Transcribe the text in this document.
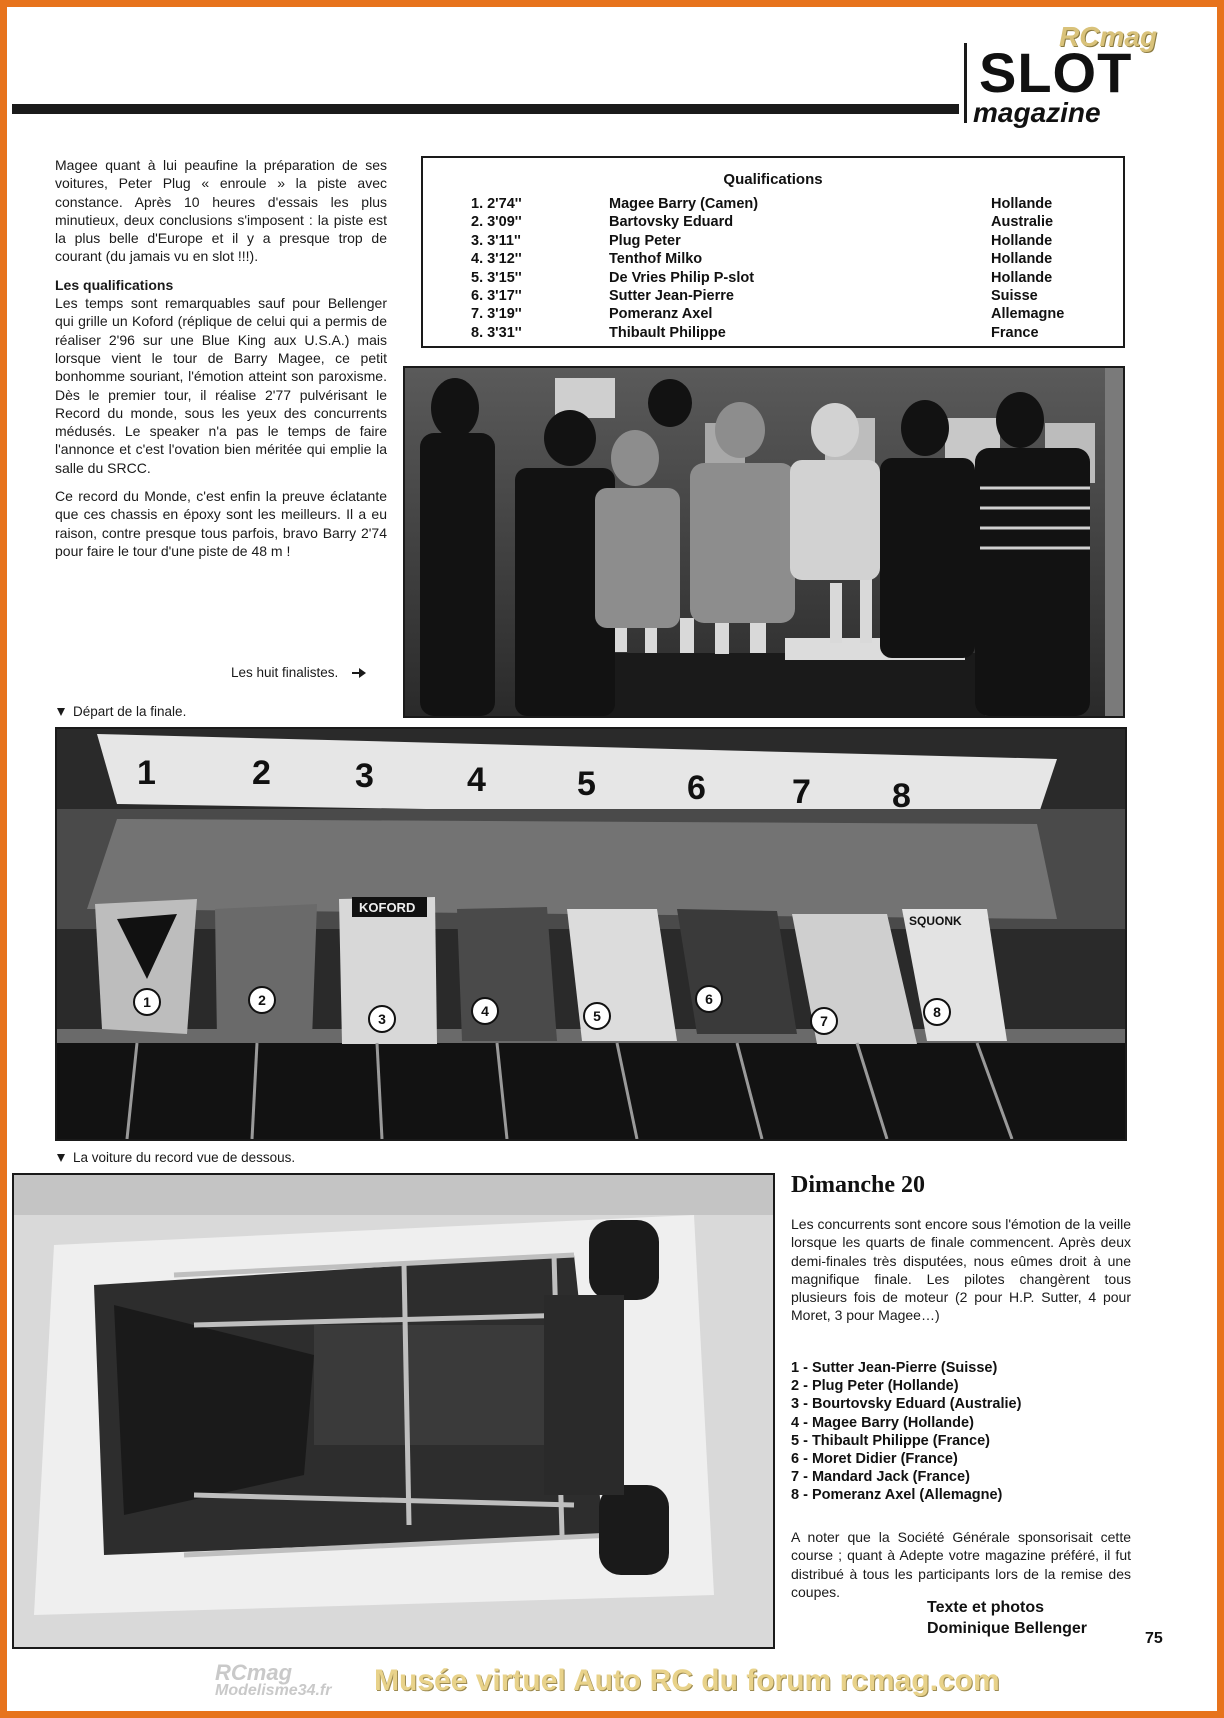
SLOT
magazine
RCmag

Magee quant à lui peaufine la préparation de ses voitures, Peter Plug « enroule » la piste avec constance. Après 10 heures d'essais les plus minutieux, deux conclusions s'imposent : la piste est la plus belle d'Europe et il y a presque trop de courant (du jamais vu en slot !!!).

Les qualifications
Les temps sont remarquables sauf pour Bellenger qui grille un Koford (réplique de celui qui a permis de réaliser 2'96 sur une Blue King aux U.S.A.) mais lorsque vient le tour de Barry Magee, ce petit bonhomme souriant, l'émotion atteint son paroxisme. Dès le premier tour, il réalise 2'77 pulvérisant le Record du monde, sous les yeux des concurrents médusés. Le speaker n'a pas le temps de faire l'annonce et c'est l'ovation bien méritée qui emplie la salle du SRCC.

Ce record du Monde, c'est enfin la preuve éclatante que ces chassis en époxy sont les meilleurs. Il a eu raison, contre presque tous parfois, bravo Barry 2'74 pour faire le tour d'une piste de 48 m !

Les huit finalistes.
Départ de la finale.
Qualifications
1. 2'74''	Magee Barry (Camen)	Hollande
2. 3'09''	Bartovsky Eduard	Australie
3. 3'11''	Plug Peter	Hollande
4. 3'12''	Tenthof Milko	Hollande
5. 3'15''	De Vries Philip P-slot	Hollande
6. 3'17''	Sutter Jean-Pierre	Suisse
7. 3'19''	Pomeranz Axel	Allemagne
8. 3'31''	Thibault Philippe	France
1	2 3	4	5	6	7 8
KOFORD
SQUONK
1	2
3	4	5
6
7
8
La voiture du record vue de dessous.
Dimanche 20
Les concurrents sont encore sous l'émotion de la veille lorsque les quarts de finale commencent. Après deux demi-finales très disputées, nous eûmes droit à une magnifique finale. Les pilotes changèrent tous plusieurs fois de moteur (2 pour H.P. Sutter, 4 pour Moret, 3 pour Magee…)
1 - Sutter Jean-Pierre (Suisse)
2 - Plug Peter (Hollande)
3 - Bourtovsky Eduard (Australie)
4 - Magee Barry (Hollande)
5 - Thibault Philippe (France)
6 - Moret Didier (France)
7 - Mandard Jack (France)
8 - Pomeranz Axel (Allemagne)
A noter que la Société Générale sponsorisait cette course ; quant à Adepte votre magazine préféré, il fut distribué à tous les participants lors de la remise des coupes.
Texte et photos
Dominique Bellenger
75
RCmag
Modelisme34.fr Musée virtuel Auto RC du forum rcmag.com
